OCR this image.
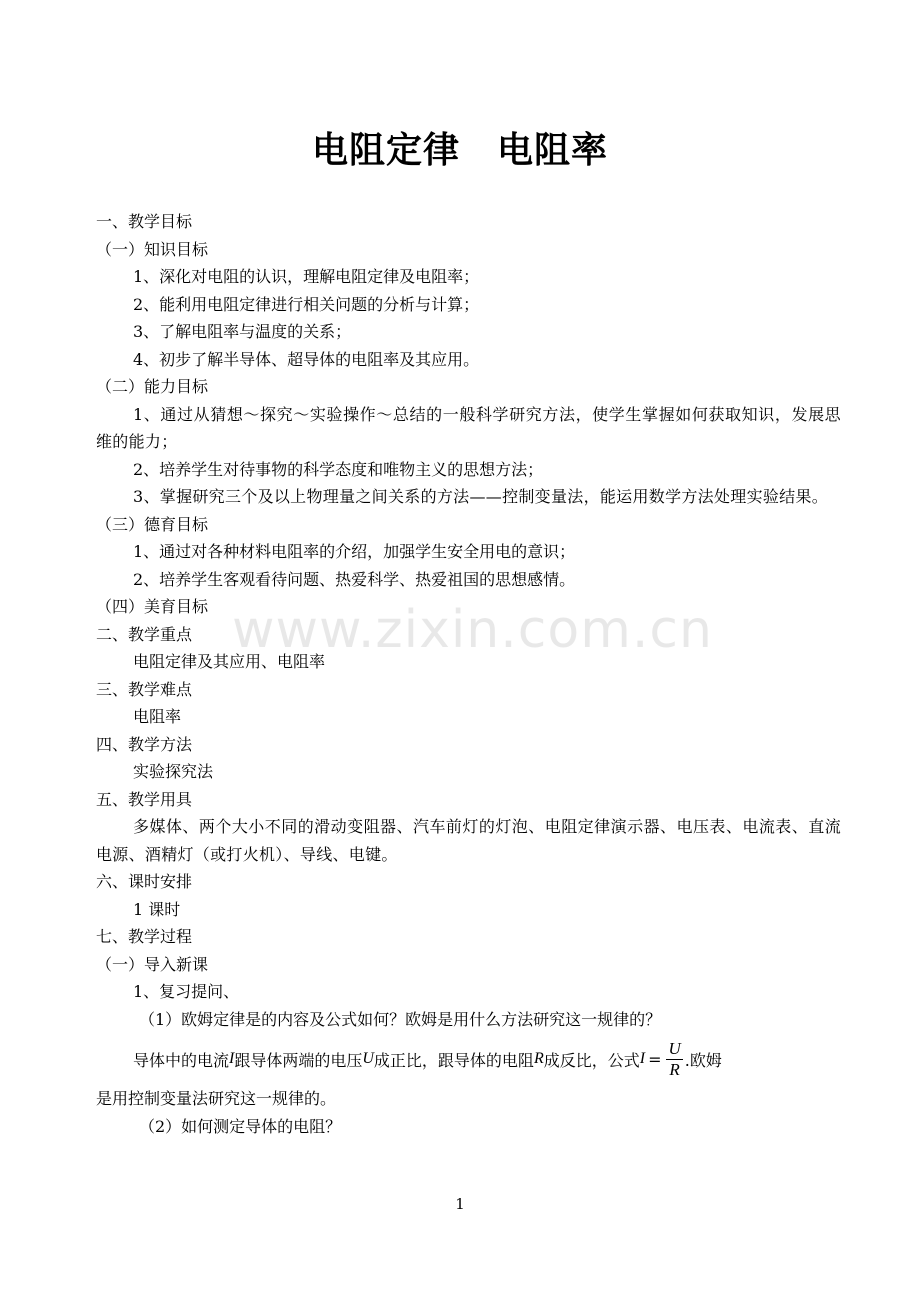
电阻定律　电阻率
www.zixin.com.cn
一、教学目标
（一）知识目标
1、深化对电阻的认识，理解电阻定律及电阻率；
2、能利用电阻定律进行相关问题的分析与计算；
3、了解电阻率与温度的关系；
4、初步了解半导体、超导体的电阻率及其应用。
（二）能力目标
1、通过从猜想～探究～实验操作～总结的一般科学研究方法，使学生掌握如何获取知识，发展思维的能力；
2、培养学生对待事物的科学态度和唯物主义的思想方法；
3、掌握研究三个及以上物理量之间关系的方法——控制变量法，能运用数学方法处理实验结果。
（三）德育目标
1、通过对各种材料电阻率的介绍，加强学生安全用电的意识；
2、培养学生客观看待问题、热爱科学、热爱祖国的思想感情。
（四）美育目标
二、教学重点
电阻定律及其应用、电阻率
三、教学难点
电阻率
四、教学方法
实验探究法
五、教学用具
多媒体、两个大小不同的滑动变阻器、汽车前灯的灯泡、电阻定律演示器、电压表、电流表、直流电源、酒精灯（或打火机）、导线、电键。
六、课时安排
1 课时
七、教学过程
（一）导入新课
1、复习提问、
（1）欧姆定律是的内容及公式如何？欧姆是用什么方法研究这一规律的？
导体中的电流 I 跟导体两端的电压 U 成正比，跟导体的电阻 R 成反比，公式 $I = \frac{U}{R}$ .欧姆
是用控制变量法研究这一规律的。
（2）如何测定导体的电阻？
1
